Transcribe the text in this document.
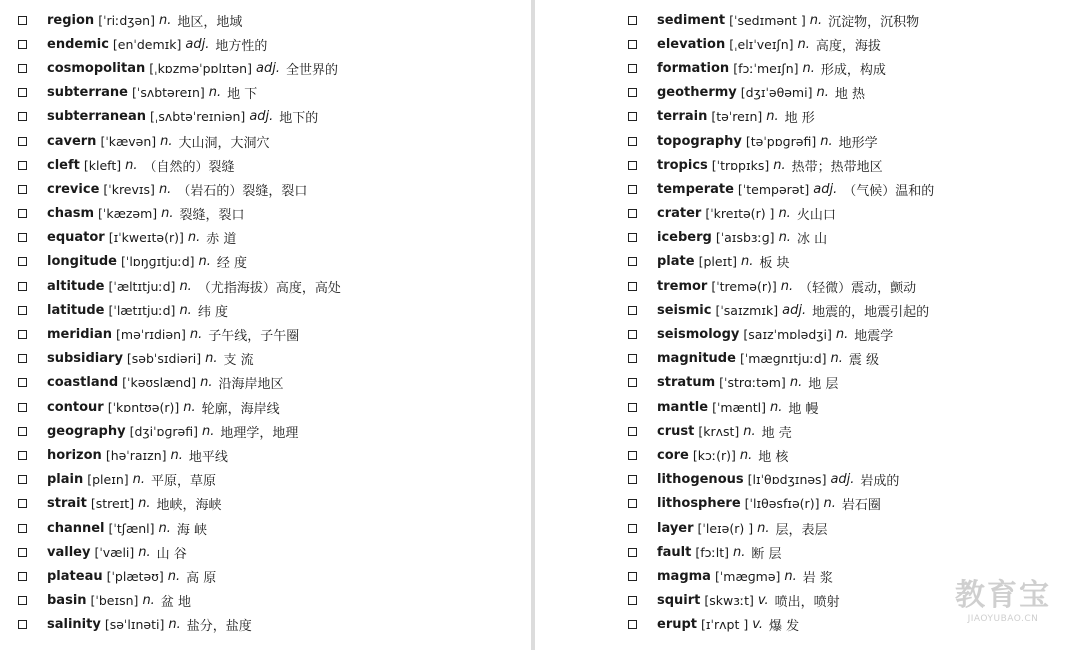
region [ˈriːdʒən] n. 地区，地域
endemic [enˈdemɪk] adj. 地方性的
cosmopolitan [ˌkɒzməˈpɒlɪtən] adj. 全世界的
subterrane [ˈsʌbtəreɪn] n. 地 下
subterranean [ˌsʌbtəˈreɪniən] adj. 地下的
cavern [ˈkævən] n. 大山洞，大洞穴
cleft [kleft] n. （自然的）裂缝
crevice [ˈkrevɪs] n. （岩石的）裂缝，裂口
chasm [ˈkæzəm] n. 裂缝，裂口
equator [ɪˈkweɪtə(r)] n. 赤 道
longitude [ˈlɒŋɡɪtjuːd] n. 经 度
altitude [ˈæltɪtjuːd] n. （尤指海拔）高度，高处
latitude [ˈlætɪtjuːd] n. 纬 度
meridian [məˈrɪdiən] n. 子午线，子午圈
subsidiary [səbˈsɪdiəri] n. 支 流
coastland [ˈkəʊslænd] n. 沿海岸地区
contour [ˈkɒntʊə(r)] n. 轮廓，海岸线
geography [dʒiˈɒɡrəfi] n. 地理学，地理
horizon [həˈraɪzn] n. 地平线
plain [pleɪn] n. 平原，草原
strait [streɪt] n. 地峡，海峡
channel [ˈtʃænl] n. 海 峡
valley [ˈvæli] n. 山 谷
plateau [ˈplætəʊ] n. 高 原
basin [ˈbeɪsn] n. 盆 地
salinity [səˈlɪnəti] n. 盐分，盐度
sediment [ˈsedɪmənt ] n. 沉淀物，沉积物
elevation [ˌelɪˈveɪʃn] n. 高度，海拔
formation [fɔːˈmeɪʃn] n. 形成，构成
geothermy [dʒɪˈəθəmi] n. 地 热
terrain [təˈreɪn] n. 地 形
topography [təˈpɒɡrəfi] n. 地形学
tropics [ˈtrɒpɪks] n. 热带；热带地区
temperate [ˈtempərət] adj. （气候）温和的
crater [ˈkreɪtə(r) ] n. 火山口
iceberg [ˈaɪsbɜːɡ] n. 冰 山
plate [pleɪt] n. 板 块
tremor [ˈtremə(r)] n. （轻微）震动，颤动
seismic [ˈsaɪzmɪk] adj. 地震的，地震引起的
seismology [saɪzˈmɒlədʒi] n. 地震学
magnitude [ˈmæɡnɪtjuːd] n. 震 级
stratum [ˈstrɑːtəm] n. 地 层
mantle [ˈmæntl] n. 地 幔
crust [krʌst] n. 地 壳
core [kɔː(r)] n. 地 核
lithogenous [lɪˈθɒdʒɪnəs] adj. 岩成的
lithosphere [ˈlɪθəsfɪə(r)] n. 岩石圈
layer [ˈleɪə(r) ] n. 层，表层
fault [fɔːlt] n. 断 层
magma [ˈmæɡmə] n. 岩 浆
squirt [skwɜːt] v. 喷出，喷射
erupt [ɪˈrʌpt ] v. 爆 发
教育宝
JIAOYUBAO.CN
